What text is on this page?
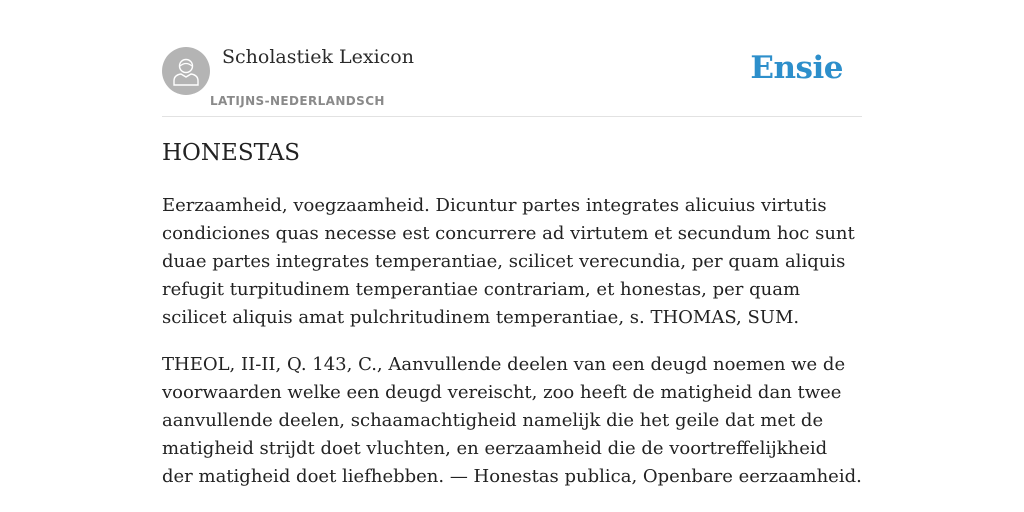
Scholastiek Lexicon
LATIJNS-NEDERLANDSCH
Ensie
HONESTAS

Eerzaamheid, voegzaamheid. Dicuntur partes integrates alicuius virtutis condiciones quas necesse est concurrere ad virtutem et secundum hoc sunt duae partes integrates temperantiae, scilicet verecundia, per quam aliquis refugit turpitudinem temperantiae contrariam, et honestas, per quam scilicet aliquis amat pulchritudinem temperantiae, s. THOMAS, SUM.

THEOL, II-II, Q. 143, C., Aanvullende deelen van een deugd noemen we de voorwaarden welke een deugd vereischt, zoo heeft de matigheid dan twee aanvullende deelen, schaamachtigheid namelijk die het geile dat met de matigheid strijdt doet vluchten, en eerzaamheid die de voortreffelijkheid der matigheid doet liefhebben. — Honestas publica, Openbare eerzaamheid.
